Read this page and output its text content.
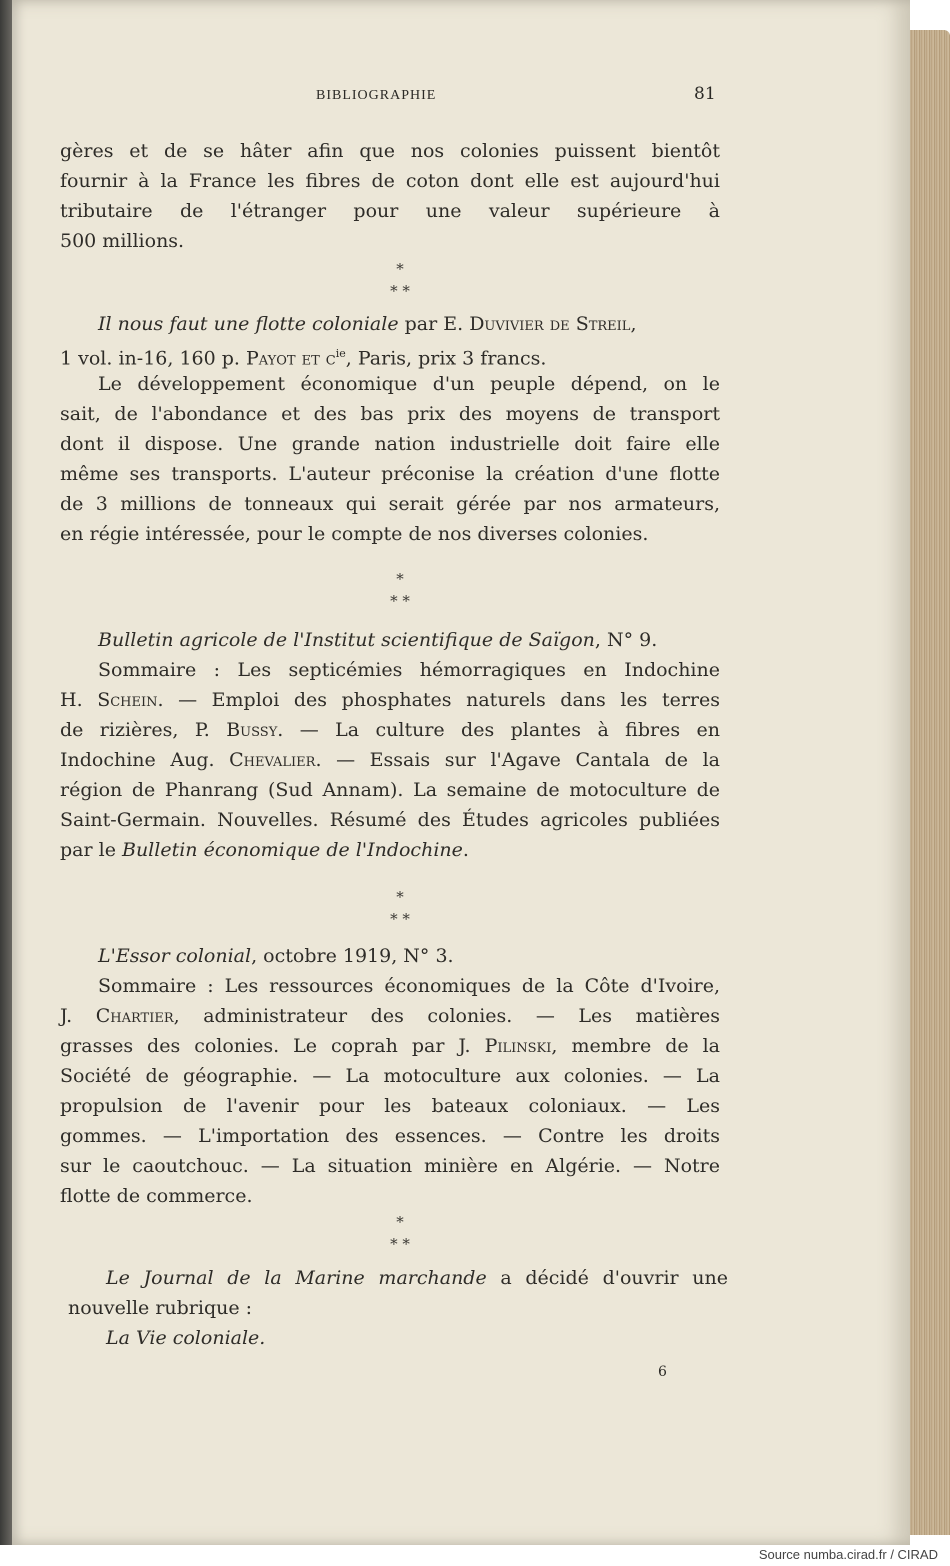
BIBLIOGRAPHIE	81
gères et de se hâter afin que nos colonies puissent bientôt
fournir à la France les fibres de coton dont elle est aujourd'hui
tributaire de l'étranger pour une valeur supérieure à
500 millions.
*
* *
Il nous faut une flotte coloniale par E. Duvivier de Streil,
1 vol. in-16, 160 p. Payot et $c^{ie}$, Paris, prix 3 francs.
Le développement économique d'un peuple dépend, on le
sait, de l'abondance et des bas prix des moyens de transport
dont il dispose. Une grande nation industrielle doit faire elle
même ses transports. L'auteur préconise la création d'une flotte
de 3 millions de tonneaux qui serait gérée par nos armateurs,
en régie intéressée, pour le compte de nos diverses colonies.
*
* *
Bulletin agricole de l'Institut scientifique de Saïgon, N° 9.
Sommaire : Les septicémies hémorragiques en Indochine
H. Schein. — Emploi des phosphates naturels dans les terres
de rizières, P. Bussy. — La culture des plantes à fibres en
Indochine Aug. Chevalier. — Essais sur l'Agave Cantala de la
région de Phanrang (Sud Annam). La semaine de motoculture de
Saint-Germain. Nouvelles. Résumé des Études agricoles publiées
par le Bulletin économique de l'Indochine.
*
* *
L'Essor colonial, octobre 1919, N° 3.
Sommaire : Les ressources économiques de la Côte d'Ivoire,
J. Chartier, administrateur des colonies. — Les matières
grasses des colonies. Le coprah par J. Pilinski, membre de la
Société de géographie. — La motoculture aux colonies. — La
propulsion de l'avenir pour les bateaux coloniaux. — Les
gommes. — L'importation des essences. — Contre les droits
sur le caoutchouc. — La situation minière en Algérie. — Notre
flotte de commerce.
*
* *
Le Journal de la Marine marchande a décidé d'ouvrir une
nouvelle rubrique :
La Vie coloniale.
6
Source numba.cirad.fr / CIRAD
